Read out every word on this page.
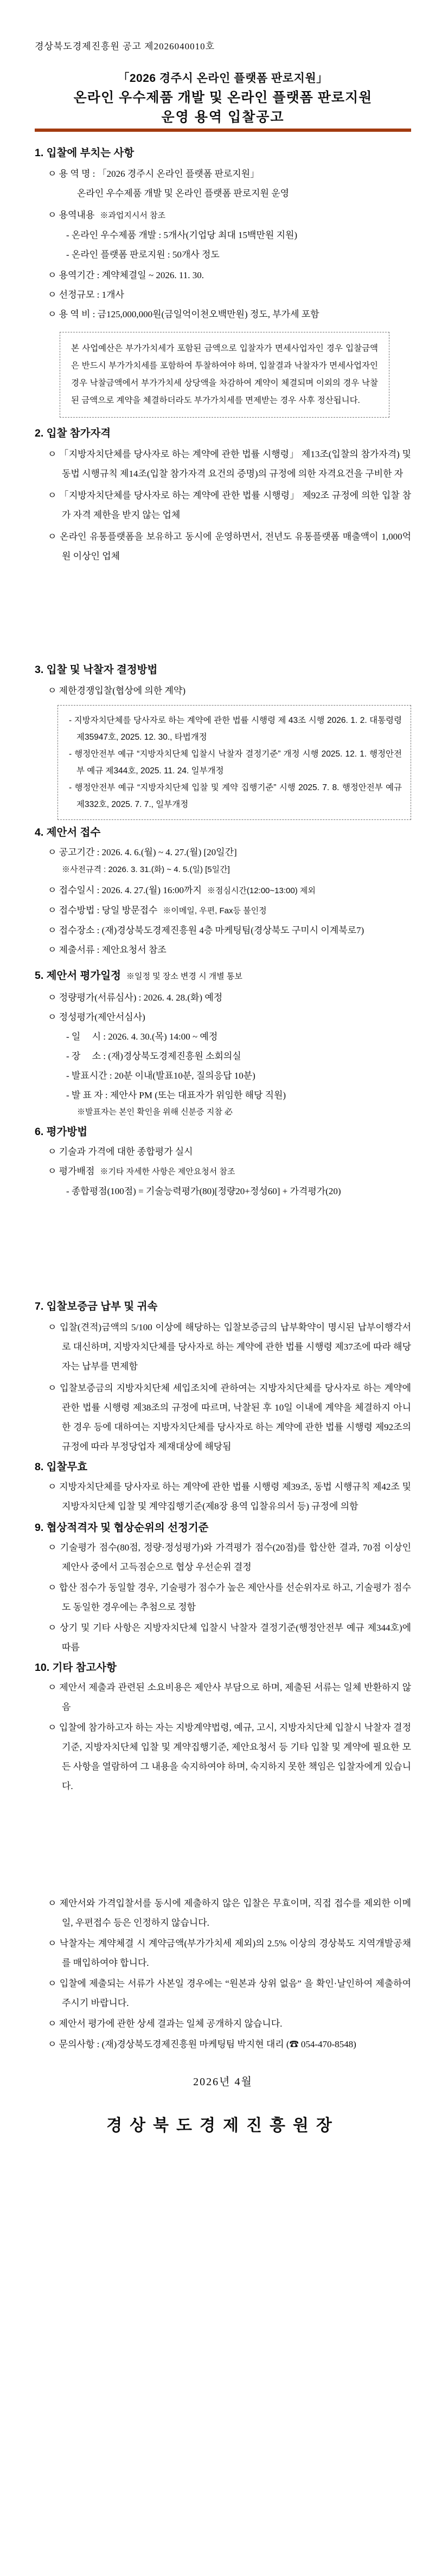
경상북도경제진흥원 공고 제2026040010호
「2026 경주시 온라인 플랫폼 판로지원」
온라인 우수제품 개발 및 온라인 플랫폼 판로지원
운영 용역 입찰공고
1. 입찰에 부치는 사항
ㅇ 용 역 명 : 「2026 경주시 온라인 플랫폼 판로지원」
온라인 우수제품 개발 및 온라인 플랫폼 판로지원 운영
ㅇ 용역내용 ※과업지시서 참조
- 온라인 우수제품 개발 : 5개사(기업당 최대 15백만원 지원)
- 온라인 플랫폼 판로지원 : 50개사 정도
ㅇ 용역기간 : 계약체결일 ~ 2026. 11. 30.
ㅇ 선정규모 : 1개사
ㅇ 용 역 비 : 금125,000,000원(금일억이천오백만원) 정도, 부가세 포함
본 사업예산은 부가가치세가 포함된 금액으로 입찰자가 면세사업자인 경우 입찰금액은 반드시 부가가치세를 포함하여 투찰하여야 하며, 입찰결과 낙찰자가 면세사업자인 경우 낙찰금액에서 부가가치세 상당액을 차감하여 계약이 체결되며 이외의 경우 낙찰된 금액으로 계약을 체결하더라도 부가가치세를 면제받는 경우 사후 정산됩니다.
2. 입찰 참가자격
ㅇ 「지방자치단체를 당사자로 하는 계약에 관한 법률 시행령」 제13조(입찰의 참가자격) 및 동법 시행규칙 제14조(입찰 참가자격 요건의 증명)의 규정에 의한 자격요건을 구비한 자
ㅇ 「지방자치단체를 당사자로 하는 계약에 관한 법률 시행령」 제92조 규정에 의한 입찰 참가 자격 제한을 받지 않는 업체
ㅇ 온라인 유통플랫폼을 보유하고 동시에 운영하면서, 전년도 유통플랫폼 매출액이 1,000억원 이상인 업체
3. 입찰 및 낙찰자 결정방법
ㅇ 제한경쟁입찰(협상에 의한 계약)
- 지방자치단체를 당사자로 하는 계약에 관한 법률 시행령 제 43조 시행 2026. 1. 2. 대통령령 제35947호, 2025. 12. 30., 타법개정
- 행정안전부 예규 “지방자치단체 입찰시 낙찰자 결정기준” 개정 시행 2025. 12. 1. 행정안전부 예규 제344호, 2025. 11. 24. 일부개정
- 행정안전부 예규 “지방자치단체 입찰 및 계약 집행기준” 시행 2025. 7. 8. 행정안전부 예규 제332호, 2025. 7. 7., 일부개정
4. 제안서 접수
ㅇ 공고기간 : 2026. 4. 6.(월) ~ 4. 27.(월) [20일간]
※사전규격 : 2026. 3. 31.(화) ~ 4. 5.(일) [5일간]
ㅇ 접수일시 : 2026. 4. 27.(월) 16:00까지 ※점심시간(12:00~13:00) 제외
ㅇ 접수방법 : 당일 방문접수 ※이메일, 우편, Fax등 불인정
ㅇ 접수장소 : (재)경상북도경제진흥원 4층 마케팅팀(경상북도 구미시 이계북로7)
ㅇ 제출서류 : 제안요청서 참조
5. 제안서 평가일정 ※일정 및 장소 변경 시 개별 통보
ㅇ 정량평가(서류심사) : 2026. 4. 28.(화) 예정
ㅇ 정성평가(제안서심사)
- 일     시 : 2026. 4. 30.(목) 14:00 ~ 예정
- 장     소 : (재)경상북도경제진흥원 소회의실
- 발표시간 : 20분 이내(발표10분, 질의응답 10분)
- 발 표 자 : 제안사 PM (또는 대표자가 위임한 해당 직원)
※발표자는 본인 확인을 위해 신분증 지참 必
6. 평가방법
ㅇ 기술과 가격에 대한 종합평가 실시
ㅇ 평가배점 ※기타 자세한 사항은 제안요청서 참조
- 종합평점(100점) = 기술능력평가(80)[정량20+정성60] + 가격평가(20)
7. 입찰보증금 납부 및 귀속
ㅇ 입찰(견적)금액의 5/100 이상에 해당하는 입찰보증금의 납부확약이 명시된 납부이행각서로 대신하며, 지방자치단체를 당사자로 하는 계약에 관한 법률 시행령 제37조에 따라 해당자는 납부를 면제함
ㅇ 입찰보증금의 지방자치단체 세입조치에 관하여는 지방자치단체를 당사자로 하는 계약에 관한 법률 시행령 제38조의 규정에 따르며, 낙찰된 후 10일 이내에 계약을 체결하지 아니한 경우 등에 대하여는 지방자치단체를 당사자로 하는 계약에 관한 법률 시행령 제92조의 규정에 따라 부정당업자 제재대상에 해당됨
8. 입찰무효
ㅇ 지방자치단체를 당사자로 하는 계약에 관한 법률 시행령 제39조, 동법 시행규칙 제42조 및 지방자치단체 입찰 및 계약집행기준(제8장 용역 입찰유의서 등) 규정에 의함
9. 협상적격자 및 협상순위의 선정기준
ㅇ 기술평가 점수(80점, 정량·정성평가)와 가격평가 점수(20점)를 합산한 결과, 70점 이상인 제안사 중에서 고득점순으로 협상 우선순위 결정
ㅇ 합산 점수가 동일할 경우, 기술평가 점수가 높은 제안사를 선순위자로 하고, 기술평가 점수도 동일한 경우에는 추첨으로 정함
ㅇ 상기 및 기타 사항은 지방자치단체 입찰시 낙찰자 결정기준(행정안전부 예규 제344호)에 따름
10. 기타 참고사항
ㅇ 제안서 제출과 관련된 소요비용은 제안사 부담으로 하며, 제출된 서류는 일체 반환하지 않음
ㅇ 입찰에 참가하고자 하는 자는 지방계약법령, 예규, 고시, 지방자치단체 입찰시 낙찰자 결정기준, 지방자치단체 입찰 및 계약집행기준, 제안요청서 등 기타 입찰 및 계약에 필요한 모든 사항을 열람하여 그 내용을 숙지하여야 하며, 숙지하지 못한 책임은 입찰자에게 있습니다.
ㅇ 제안서와 가격입찰서를 동시에 제출하지 않은 입찰은 무효이며, 직접 접수를 제외한 이메일, 우편접수 등은 인정하지 않습니다.
ㅇ 낙찰자는 계약체결 시 계약금액(부가가치세 제외)의 2.5% 이상의 경상북도 지역개발공채를 매입하여야 합니다.
ㅇ 입찰에 제출되는 서류가 사본일 경우에는 “원본과 상위 없음” 을 확인·날인하여 제출하여 주시기 바랍니다.
ㅇ 제안서 평가에 관한 상세 결과는 일체 공개하지 않습니다.
ㅇ 문의사항 : (재)경상북도경제진흥원 마케팅팀 박지현 대리 (☎ 054-470-8548)
2026년 4월
경상북도경제진흥원장
